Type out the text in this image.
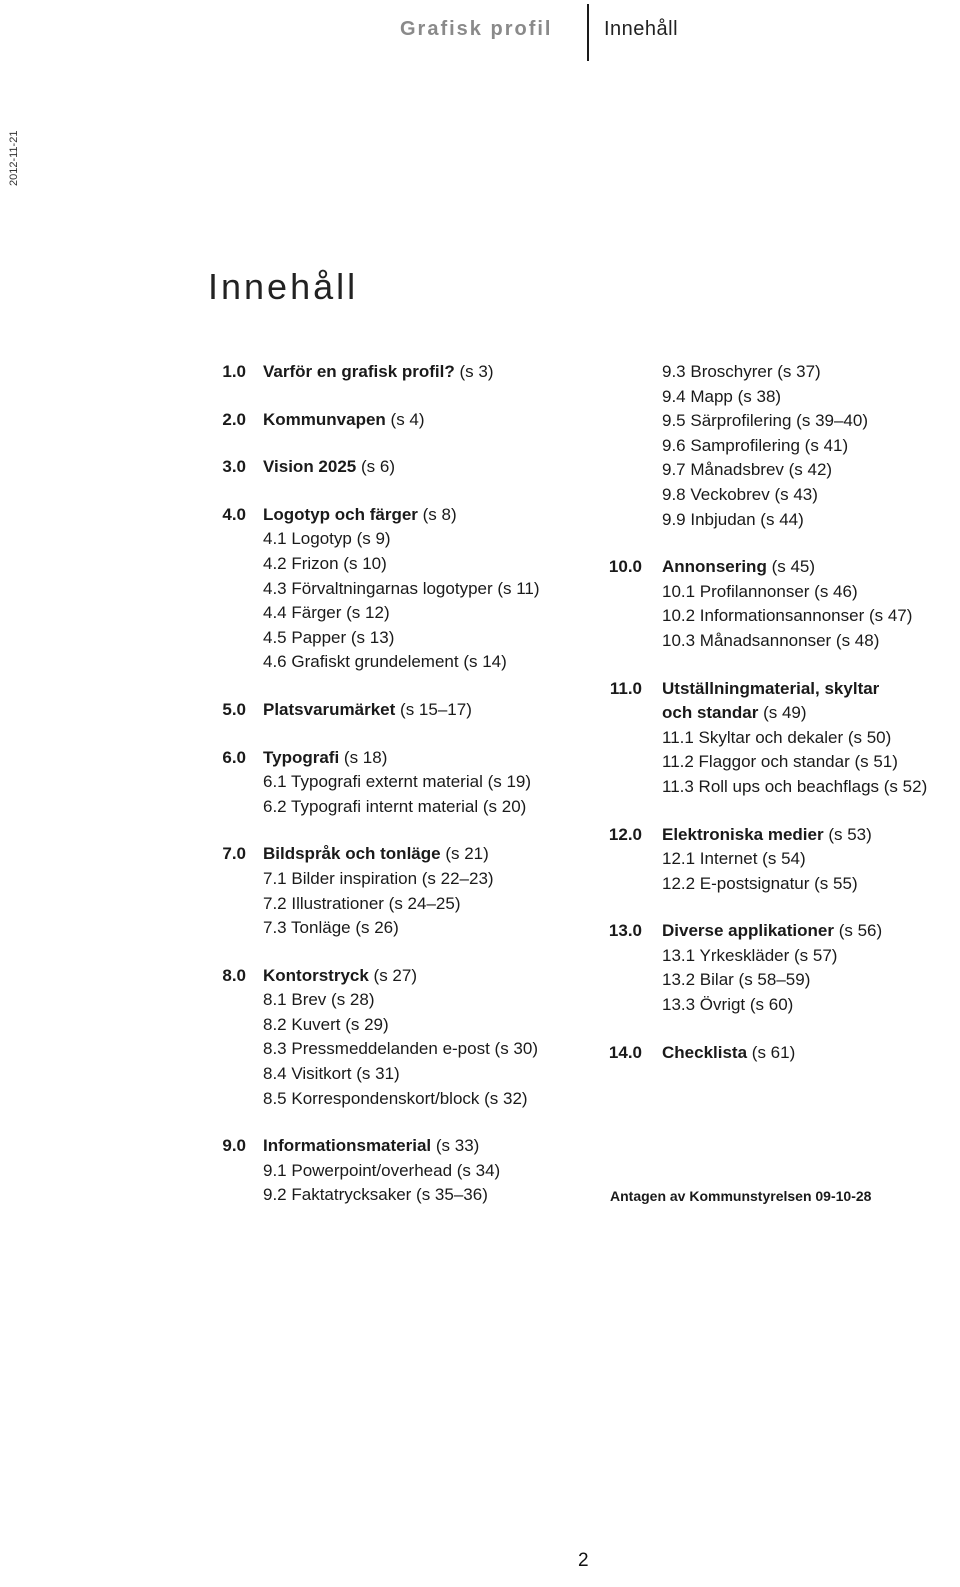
Grafisk profil	Innehåll
2012-11-21
Innehåll
1.0 Varför en grafisk profil? (s 3)
2.0 Kommunvapen (s 4)
3.0 Vision 2025 (s 6)
4.0 Logotyp och färger (s 8)
4.1 Logotyp (s 9)
4.2 Frizon (s 10)
4.3 Förvaltningarnas logotyper (s 11)
4.4 Färger (s 12)
4.5 Papper (s 13)
4.6 Grafiskt grundelement (s 14)
5.0 Platsvarumärket (s 15–17)
6.0 Typografi (s 18)
6.1 Typografi externt material (s 19)
6.2 Typografi internt material (s 20)
7.0 Bildspråk och tonläge (s 21)
7.1 Bilder inspiration (s 22–23)
7.2 Illustrationer (s 24–25)
7.3 Tonläge (s 26)
8.0 Kontorstryck (s 27)
8.1 Brev (s 28)
8.2 Kuvert (s 29)
8.3 Pressmeddelanden e-post (s 30)
8.4 Visitkort (s 31)
8.5 Korrespondenskort/block (s 32)
9.0 Informationsmaterial (s 33)
9.1 Powerpoint/overhead (s 34)
9.2 Faktatrycksaker (s 35–36)
9.3 Broschyrer (s 37)
9.4 Mapp (s 38)
9.5 Särprofilering (s 39–40)
9.6 Samprofilering (s 41)
9.7 Månadsbrev (s 42)
9.8 Veckobrev (s 43)
9.9 Inbjudan (s 44)
10.0 Annonsering (s 45)
10.1 Profilannonser (s 46)
10.2 Informationsannonser (s 47)
10.3 Månadsannonser (s 48)
11.0 Utställningmaterial, skyltar
och standar (s 49)
11.1 Skyltar och dekaler (s 50)
11.2 Flaggor och standar (s 51)
11.3 Roll ups och beachflags (s 52)
12.0 Elektroniska medier (s 53)
12.1 Internet (s 54)
12.2 E-postsignatur (s 55)
13.0 Diverse applikationer (s 56)
13.1 Yrkeskläder (s 57)
13.2 Bilar (s 58–59)
13.3 Övrigt (s 60)
14.0 Checklista (s 61)
Antagen av Kommunstyrelsen 09-10-28
2
